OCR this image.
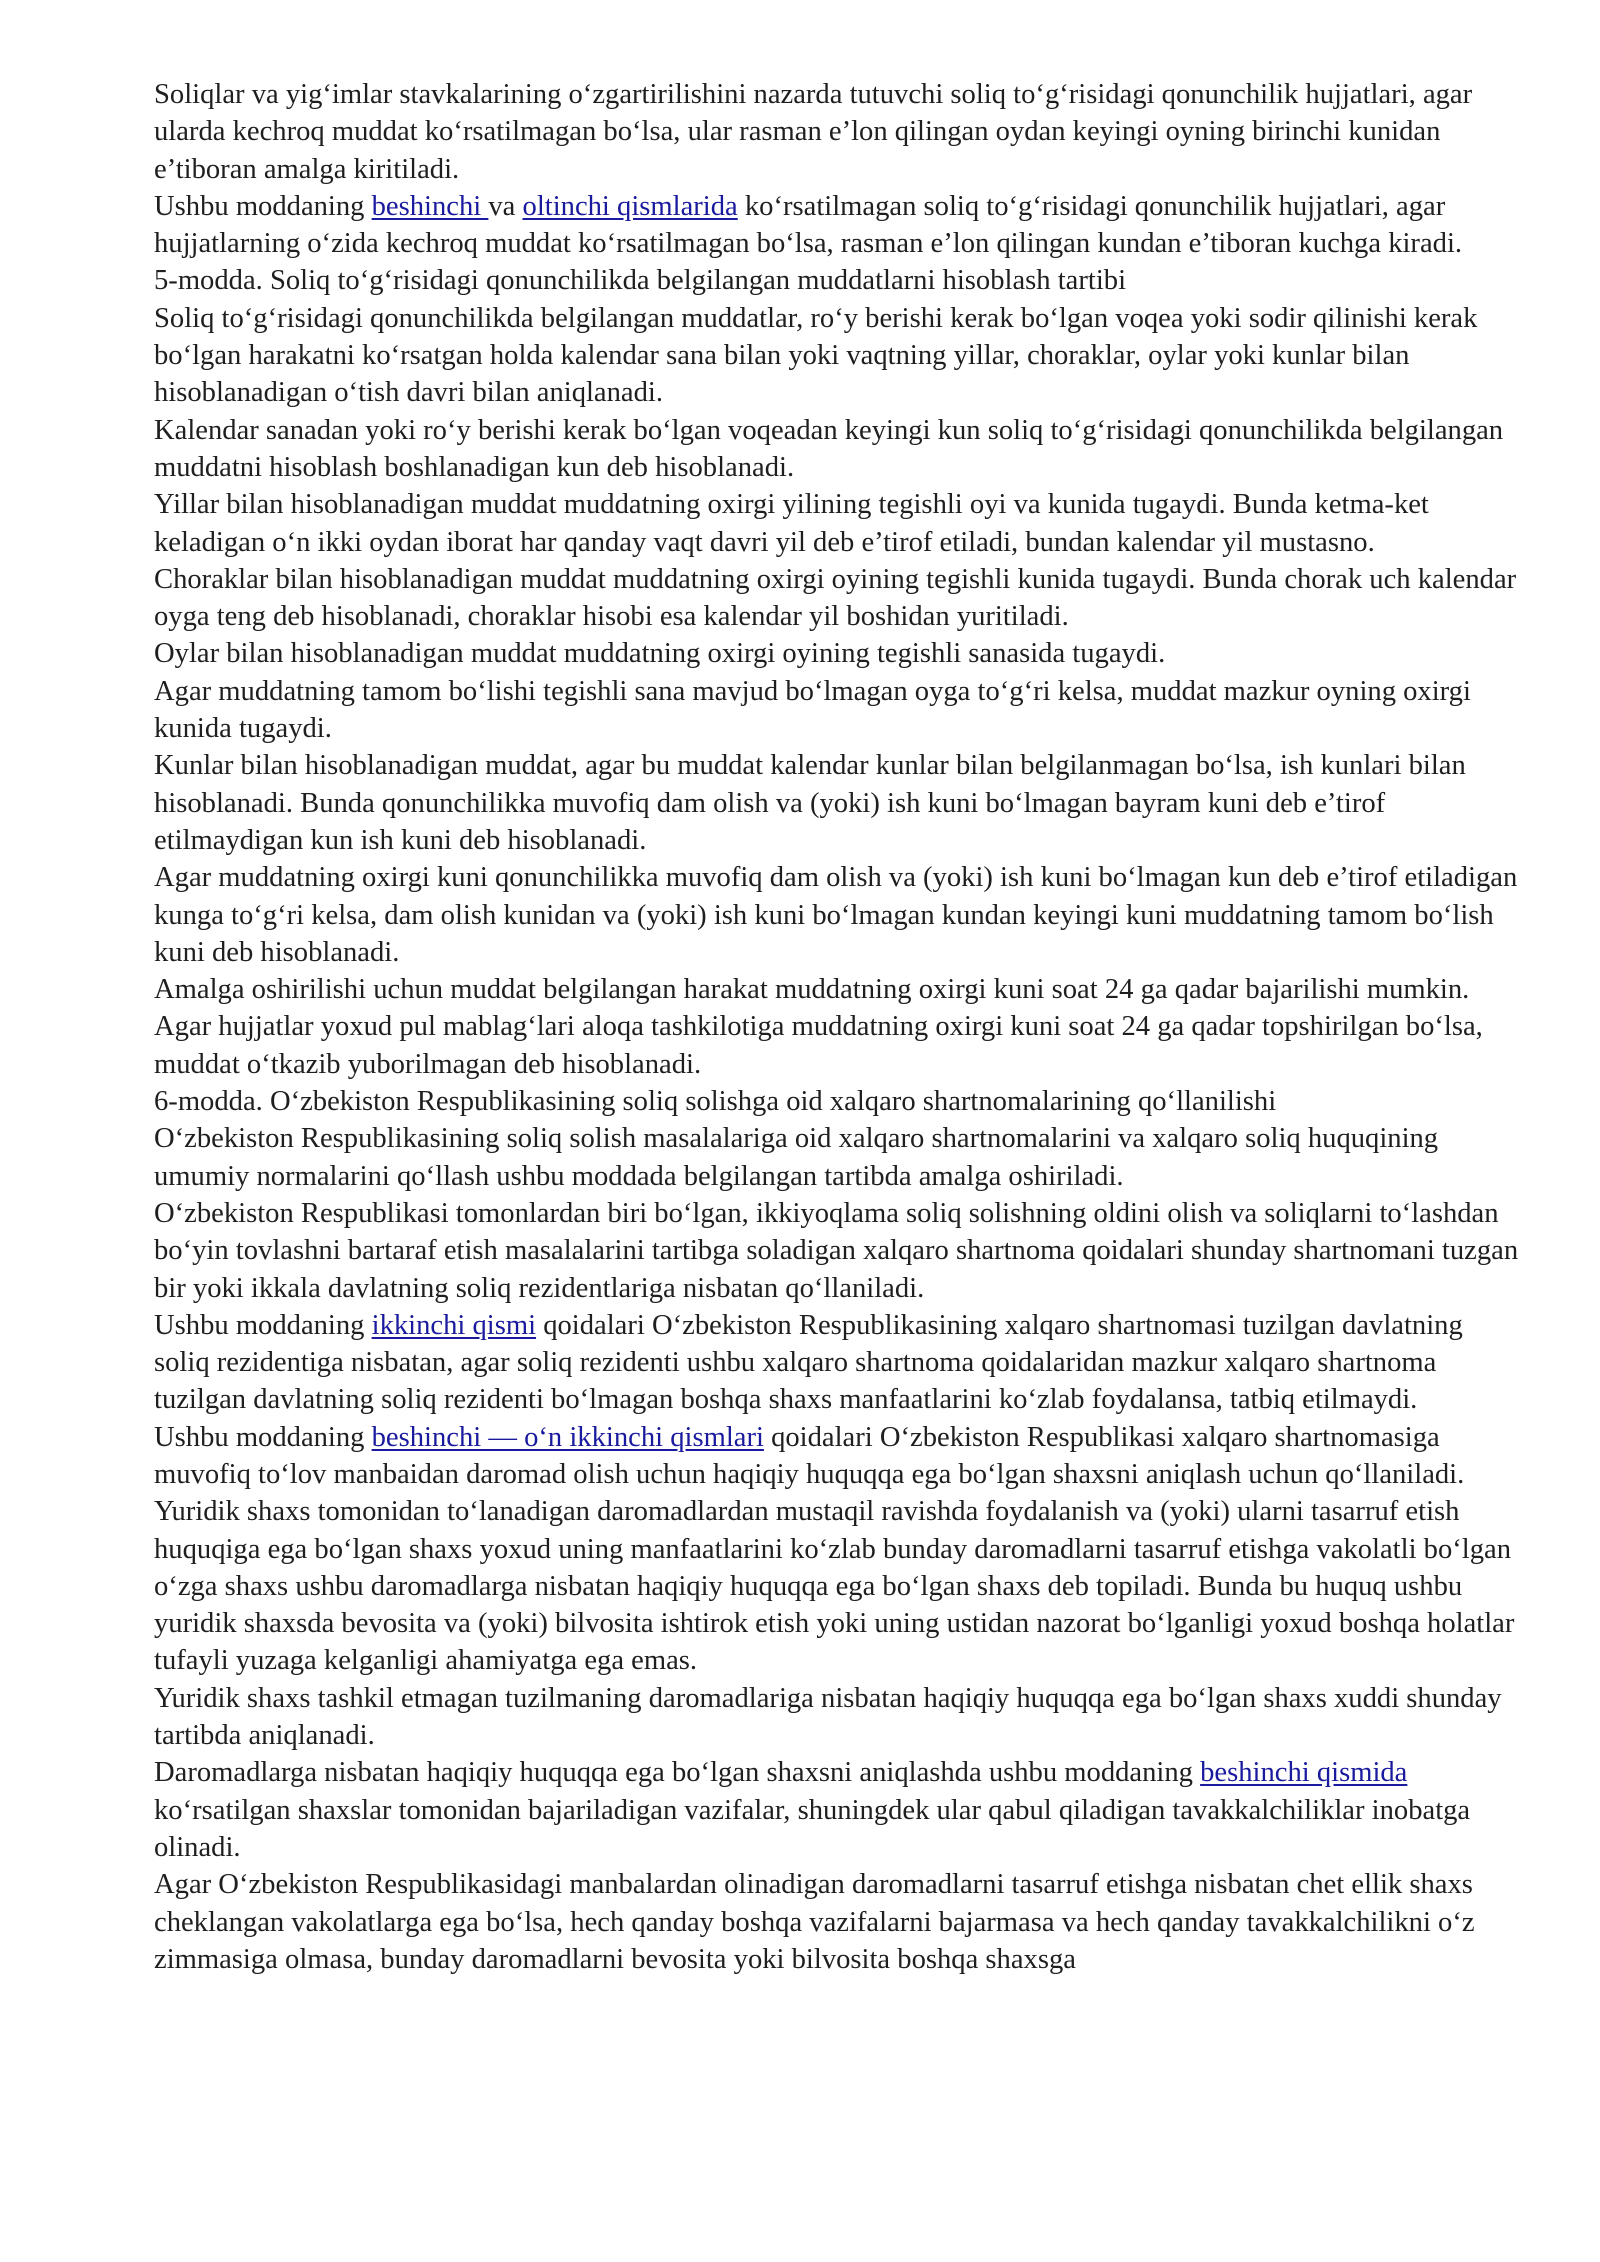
Soliqlar va yig‘imlar stavkalarining o‘zgartirilishini nazarda tutuvchi soliq to‘g‘risidagi qonunchilik hujjatlari, agar ularda kechroq muddat ko‘rsatilmagan bo‘lsa, ular rasman e’lon qilingan oydan keyingi oyning birinchi kunidan e’tiboran amalga kiritiladi.

Ushbu moddaning beshinchi va oltinchi qismlarida ko‘rsatilmagan soliq to‘g‘risidagi qonunchilik hujjatlari, agar hujjatlarning o‘zida kechroq muddat ko‘rsatilmagan bo‘lsa, rasman e’lon qilingan kundan e’tiboran kuchga kiradi.

5-modda. Soliq to‘g‘risidagi qonunchilikda belgilangan muddatlarni hisoblash tartibi

Soliq to‘g‘risidagi qonunchilikda belgilangan muddatlar, ro‘y berishi kerak bo‘lgan voqea yoki sodir qilinishi kerak bo‘lgan harakatni ko‘rsatgan holda kalendar sana bilan yoki vaqtning yillar, choraklar, oylar yoki kunlar bilan hisoblanadigan o‘tish davri bilan aniqlanadi.

Kalendar sanadan yoki ro‘y berishi kerak bo‘lgan voqeadan keyingi kun soliq to‘g‘risidagi qonunchilikda belgilangan muddatni hisoblash boshlanadigan kun deb hisoblanadi.

Yillar bilan hisoblanadigan muddat muddatning oxirgi yilining tegishli oyi va kunida tugaydi. Bunda ketma-ket keladigan o‘n ikki oydan iborat har qanday vaqt davri yil deb e’tirof etiladi, bundan kalendar yil mustasno.

Choraklar bilan hisoblanadigan muddat muddatning oxirgi oyining tegishli kunida tugaydi. Bunda chorak uch kalendar oyga teng deb hisoblanadi, choraklar hisobi esa kalendar yil boshidan yuritiladi.

Oylar bilan hisoblanadigan muddat muddatning oxirgi oyining tegishli sanasida tugaydi.

Agar muddatning tamom bo‘lishi tegishli sana mavjud bo‘lmagan oyga to‘g‘ri kelsa, muddat mazkur oyning oxirgi kunida tugaydi.

Kunlar bilan hisoblanadigan muddat, agar bu muddat kalendar kunlar bilan belgilanmagan bo‘lsa, ish kunlari bilan hisoblanadi. Bunda qonunchilikka muvofiq dam olish va (yoki) ish kuni bo‘lmagan bayram kuni deb e’tirof etilmaydigan kun ish kuni deb hisoblanadi.

Agar muddatning oxirgi kuni qonunchilikka muvofiq dam olish va (yoki) ish kuni bo‘lmagan kun deb e’tirof etiladigan kunga to‘g‘ri kelsa, dam olish kunidan va (yoki) ish kuni bo‘lmagan kundan keyingi kuni muddatning tamom bo‘lish kuni deb hisoblanadi.

Amalga oshirilishi uchun muddat belgilangan harakat muddatning oxirgi kuni soat 24 ga qadar bajarilishi mumkin.

Agar hujjatlar yoxud pul mablag‘lari aloqa tashkilotiga muddatning oxirgi kuni soat 24 ga qadar topshirilgan bo‘lsa, muddat o‘tkazib yuborilmagan deb hisoblanadi.

6-modda. O‘zbekiston Respublikasining soliq solishga oid xalqaro shartnomalarining qo‘llanilishi

O‘zbekiston Respublikasining soliq solish masalalariga oid xalqaro shartnomalarini va xalqaro soliq huquqining umumiy normalarini qo‘llash ushbu moddada belgilangan tartibda amalga oshiriladi.

O‘zbekiston Respublikasi tomonlardan biri bo‘lgan, ikkiyoqlama soliq solishning oldini olish va soliqlarni to‘lashdan bo‘yin tovlashni bartaraf etish masalalarini tartibga soladigan xalqaro shartnoma qoidalari shunday shartnomani tuzgan bir yoki ikkala davlatning soliq rezidentlariga nisbatan qo‘llaniladi.

Ushbu moddaning ikkinchi qismi qoidalari O‘zbekiston Respublikasining xalqaro shartnomasi tuzilgan davlatning soliq rezidentiga nisbatan, agar soliq rezidenti ushbu xalqaro shartnoma qoidalaridan mazkur xalqaro shartnoma tuzilgan davlatning soliq rezidenti bo‘lmagan boshqa shaxs manfaatlarini ko‘zlab foydalansa, tatbiq etilmaydi.

Ushbu moddaning beshinchi — o‘n ikkinchi qismlari qoidalari O‘zbekiston Respublikasi xalqaro shartnomasiga muvofiq to‘lov manbaidan daromad olish uchun haqiqiy huquqqa ega bo‘lgan shaxsni aniqlash uchun qo‘llaniladi.

Yuridik shaxs tomonidan to‘lanadigan daromadlardan mustaqil ravishda foydalanish va (yoki) ularni tasarruf etish huquqiga ega bo‘lgan shaxs yoxud uning manfaatlarini ko‘zlab bunday daromadlarni tasarruf etishga vakolatli bo‘lgan o‘zga shaxs ushbu daromadlarga nisbatan haqiqiy huquqqa ega bo‘lgan shaxs deb topiladi. Bunda bu huquq ushbu yuridik shaxsda bevosita va (yoki) bilvosita ishtirok etish yoki uning ustidan nazorat bo‘lganligi yoxud boshqa holatlar tufayli yuzaga kelganligi ahamiyatga ega emas.

Yuridik shaxs tashkil etmagan tuzilmaning daromadlariga nisbatan haqiqiy huquqqa ega bo‘lgan shaxs xuddi shunday tartibda aniqlanadi.

Daromadlarga nisbatan haqiqiy huquqqa ega bo‘lgan shaxsni aniqlashda ushbu moddaning beshinchi qismida ko‘rsatilgan shaxslar tomonidan bajariladigan vazifalar, shuningdek ular qabul qiladigan tavakkalchiliklar inobatga olinadi.

Agar O‘zbekiston Respublikasidagi manbalardan olinadigan daromadlarni tasarruf etishga nisbatan chet ellik shaxs cheklangan vakolatlarga ega bo‘lsa, hech qanday boshqa vazifalarni bajarmasa va hech qanday tavakkalchilikni o‘z zimmasiga olmasa, bunday daromadlarni bevosita yoki bilvosita boshqa shaxsga
